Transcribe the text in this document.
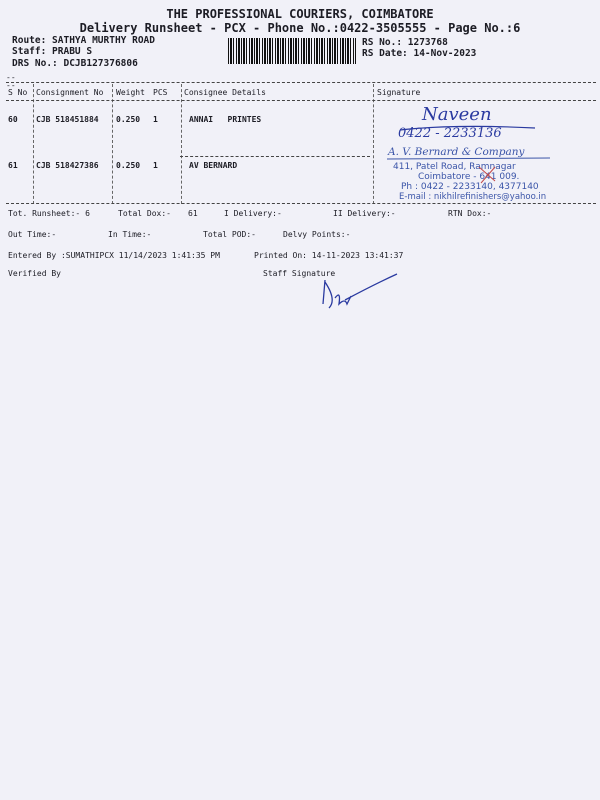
THE PROFESSIONAL COURIERS, COIMBATORE
Delivery Runsheet - PCX - Phone No.:0422-3505555 - Page No.:6
Route: SATHYA MURTHY ROAD
Staff: PRABU S
DRS No.: DCJB127376806
RS No.: 1273768
RS Date: 14-Nov-2023
--
--
S No Consignment No Weight PCS Consignee Details	Signature
60 CJB 518451884 0.250 1	ANNAI   PRINTES
61 CJB 518427386 0.250 1	AV BERNARD
Naveen
0422 - 2233136
A. V. Bernard & Company
411, Patel Road, Ramnagar
Coimbatore - 641 009.
Ph : 0422 - 2233140, 4377140
E-mail : nikhilrefinishers@yahoo.in
Tot. Runsheet:- 6	Total Dox:- 61	I Delivery:-	II Delivery:-	RTN Dox:-
Out Time:-	In Time:-	Total POD:-	Delvy Points:-
Entered By :SUMATHIPCX 11/14/2023 1:41:35 PM	Printed On: 14-11-2023 13:41:37
Verified By	Staff Signature
